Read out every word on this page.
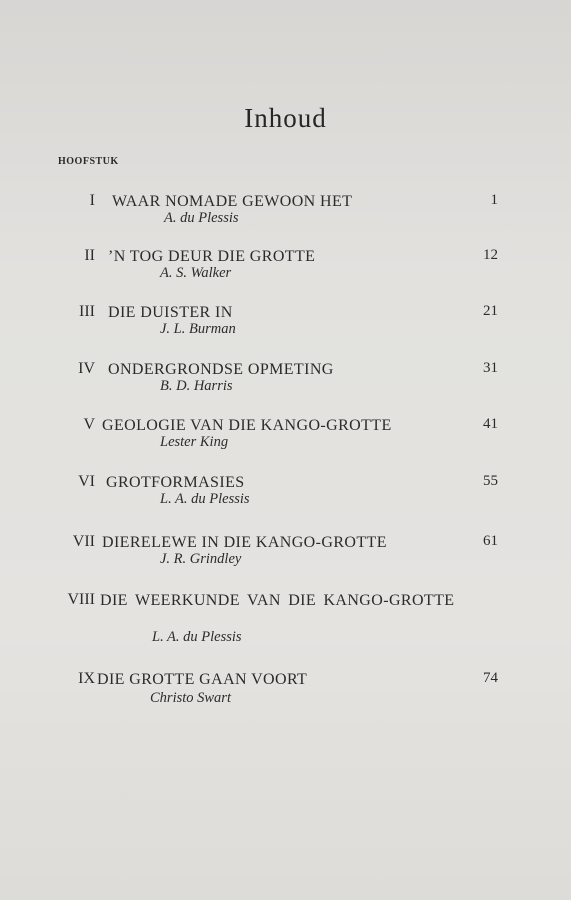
Inhoud
HOOFSTUK
I WAAR NOMADE GEWOON HET
A. du Plessis
1
II ’N TOG DEUR DIE GROTTE
A. S. Walker
12
III DIE DUISTER IN
J. L. Burman
21
IV ONDERGRONDSE OPMETING
B. D. Harris
31
V GEOLOGIE VAN DIE KANGO-GROTTE
Lester King
41
VI GROTFORMASIES
L. A. du Plessis
55
VII DIERELEWE IN DIE KANGO-GROTTE
J. R. Grindley
61
VIII DIE WEERKUNDE VAN DIE KANGO-GROTTE
L. A. du Plessis
IX DIE GROTTE GAAN VOORT
Christo Swart
74
